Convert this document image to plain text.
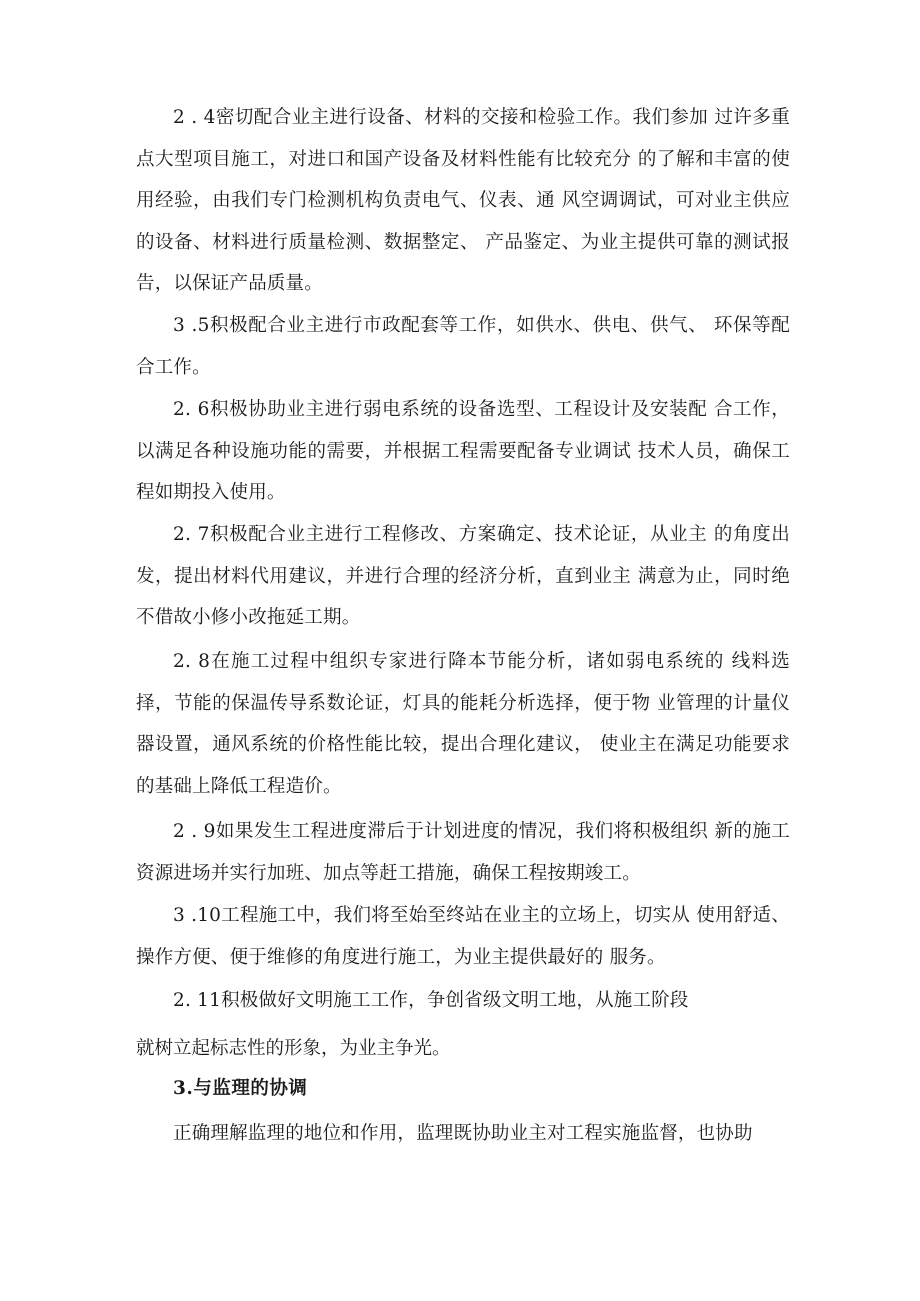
2 . 4密切配合业主进行设备、材料的交接和检验工作。我们参加 过许多重点大型项目施工，对进口和国产设备及材料性能有比较充分 的了解和丰富的使用经验，由我们专门检测机构负责电气、仪表、通 风空调调试，可对业主供应的设备、材料进行质量检测、数据整定、 产品鉴定、为业主提供可靠的测试报告，以保证产品质量。

3 .5积极配合业主进行市政配套等工作，如供水、供电、供气、 环保等配合工作。

2. 6积极协助业主进行弱电系统的设备选型、工程设计及安装配 合工作，以满足各种设施功能的需要，并根据工程需要配备专业调试 技术人员，确保工程如期投入使用。

2. 7积极配合业主进行工程修改、方案确定、技术论证，从业主 的角度出发，提出材料代用建议，并进行合理的经济分析，直到业主 满意为止，同时绝不借故小修小改拖延工期。

2. 8在施工过程中组织专家进行降本节能分析，诸如弱电系统的 线料选择，节能的保温传导系数论证，灯具的能耗分析选择，便于物 业管理的计量仪器设置，通风系统的价格性能比较，提出合理化建议， 使业主在满足功能要求的基础上降低工程造价。

2 . 9如果发生工程进度滞后于计划进度的情况，我们将积极组织 新的施工资源进场并实行加班、加点等赶工措施，确保工程按期竣工。

3 .10工程施工中，我们将至始至终站在业主的立场上，切实从 使用舒适、操作方便、便于维修的角度进行施工，为业主提供最好的 服务。

2. 11积极做好文明施工工作，争创省级文明工地，从施工阶段

就树立起标志性的形象，为业主争光。

3.与监理的协调

正确理解监理的地位和作用，监理既协助业主对工程实施监督，也协助
